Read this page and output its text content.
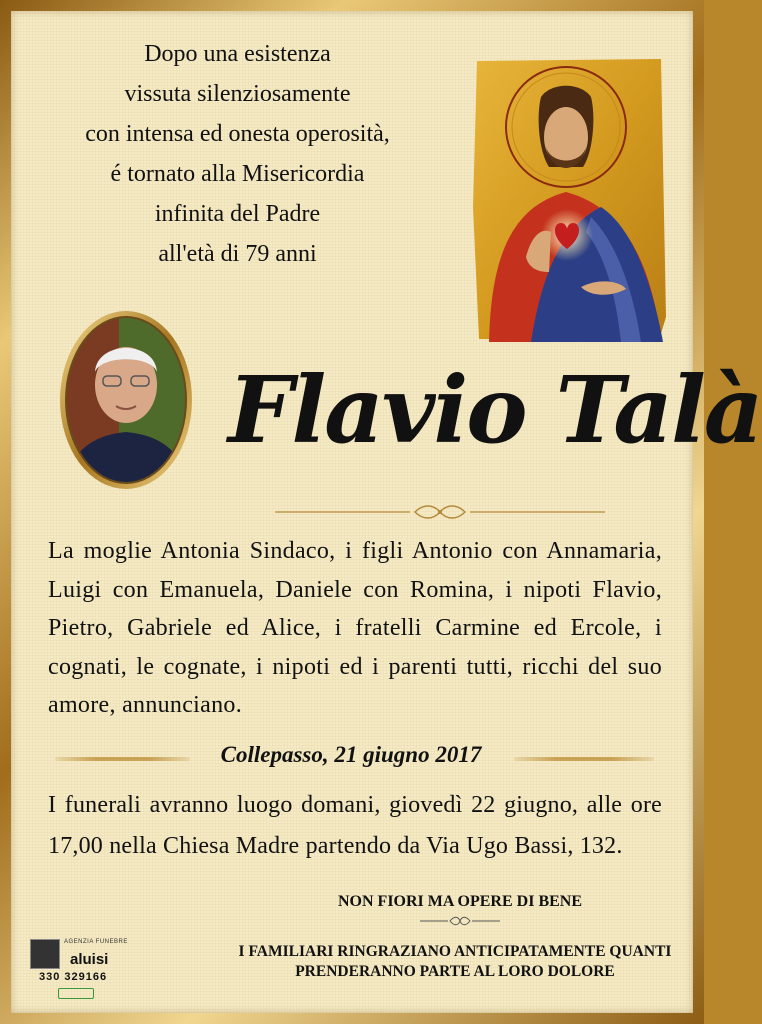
Dopo una esistenza
vissuta silenziosamente
con intensa ed onesta operosità,
é tornato alla Misericordia
infinita del Padre
all'età di 79 anni
Flavio Talà
La moglie Antonia Sindaco, i figli Antonio con Annamaria, Luigi con Emanuela, Daniele con Romina, i nipoti Flavio, Pietro, Gabriele ed Alice, i fratelli Carmine ed Ercole, i cognati, le cognate, i nipoti ed i parenti tutti, ricchi del suo amore, annunciano.
Collepasso, 21 giugno 2017
I funerali avranno luogo domani, giovedì 22 giugno, alle ore 17,00 nella Chiesa Madre partendo da Via Ugo Bassi, 132.
NON FIORI MA OPERE DI BENE
I FAMILIARI RINGRAZIANO ANTICIPATAMENTE QUANTI
PRENDERANNO PARTE AL LORO DOLORE
AGENZIA FUNEBRE
aluisi
330 329166
